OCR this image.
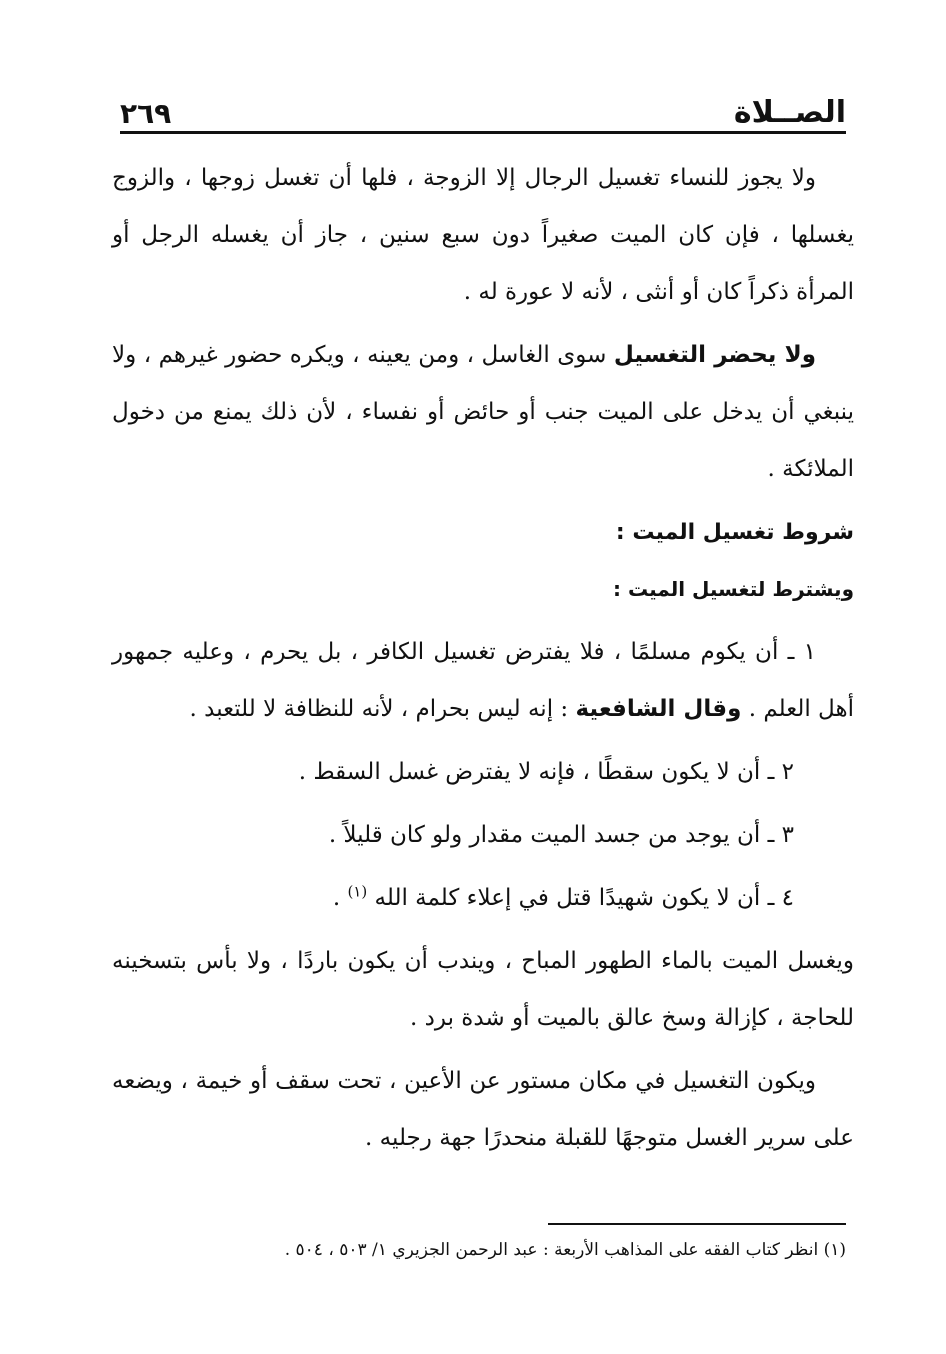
الصــلاة
٢٦٩

ولا يجوز للنساء تغسيل الرجال إلا الزوجة ، فلها أن تغسل زوجها ، والزوج يغسلها ، فإن كان الميت صغيراً دون سبع سنين ، جاز أن يغسله الرجل أو المرأة ذكراً كان أو أنثى ، لأنه لا عورة له .

ولا يحضر التغسيل سوى الغاسل ، ومن يعينه ، ويكره حضور غيرهم ، ولا ينبغي أن يدخل على الميت جنب أو حائض أو نفساء ، لأن ذلك يمنع من دخول الملائكة .

شروط تغسيل الميت :

ويشترط لتغسيل الميت :

١ ـ أن يكوم مسلمًا ، فلا يفترض تغسيل الكافر ، بل يحرم ، وعليه جمهور أهل العلم . وقال الشافعية : إنه ليس بحرام ، لأنه للنظافة لا للتعبد .

٢ ـ أن لا يكون سقطًا ، فإنه لا يفترض غسل السقط .

٣ ـ أن يوجد من جسد الميت مقدار ولو كان قليلاً .

٤ ـ أن لا يكون شهيدًا قتل في إعلاء كلمة الله $^{(١)}$ .

ويغسل الميت بالماء الطهور المباح ، ويندب أن يكون باردًا ، ولا بأس بتسخينه للحاجة ، كإزالة وسخ عالق بالميت أو شدة برد .

ويكون التغسيل في مكان مستور عن الأعين ، تحت سقف أو خيمة ، ويضعه على سرير الغسل متوجهًا للقبلة منحدرًا جهة رجليه .

(١) انظر كتاب الفقه على المذاهب الأربعة : عبد الرحمن الجزيري ١/ ٥٠٣ ، ٥٠٤ .
